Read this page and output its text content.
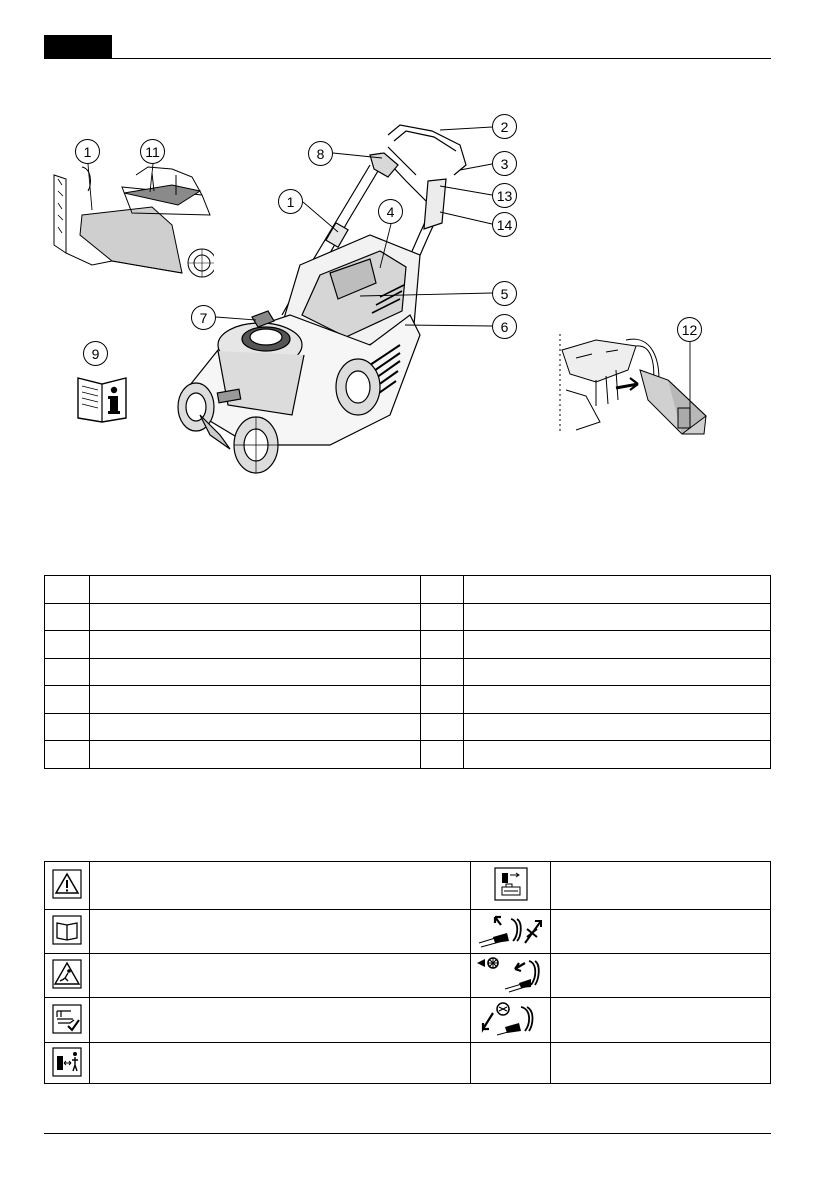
1	11	8
2
3
13
1
4
14
5
7
6
9
12
